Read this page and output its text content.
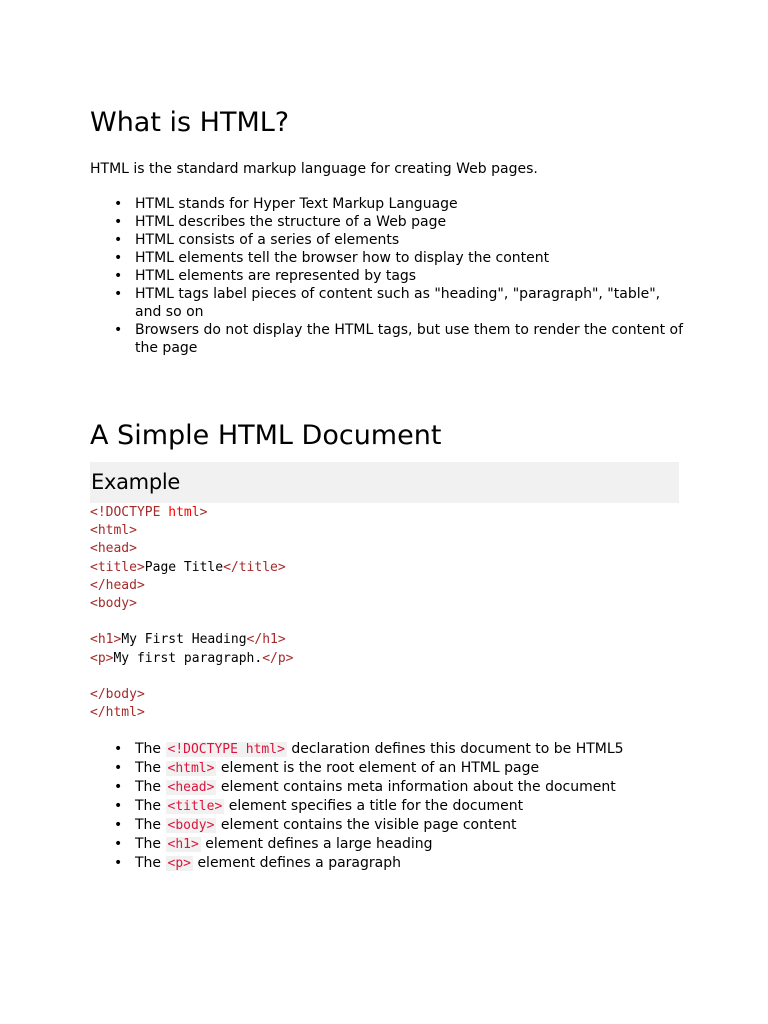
What is HTML?

HTML is the standard markup language for creating Web pages.

• HTML stands for Hyper Text Markup Language
• HTML describes the structure of a Web page
• HTML consists of a series of elements
• HTML elements tell the browser how to display the content
• HTML elements are represented by tags
• HTML tags label pieces of content such as "heading", "paragraph", "table", and so on
• Browsers do not display the HTML tags, but use them to render the content of the page
A Simple HTML Document
Example
<!DOCTYPE html>
<html>
<head>
<title>Page Title</title>
</head>
<body>
<h1>My First Heading</h1>
<p>My first paragraph.</p>
</body>
</html>
• The <!DOCTYPE html> declaration defines this document to be HTML5
• The <html> element is the root element of an HTML page
• The <head> element contains meta information about the document
• The <title> element specifies a title for the document
• The <body> element contains the visible page content
• The <h1> element defines a large heading
• The <p> element defines a paragraph
